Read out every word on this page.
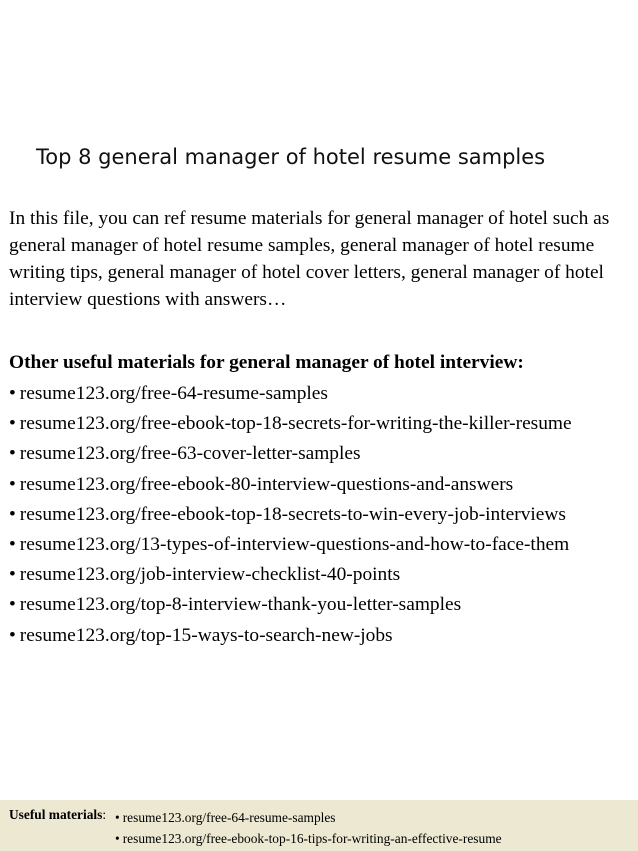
Top 8 general manager of hotel resume samples

In this file, you can ref resume materials for general manager of hotel such as general manager of hotel resume samples, general manager of hotel resume writing tips, general manager of hotel cover letters, general manager of hotel interview questions with answers…

Other useful materials for general manager of hotel interview:

• resume123.org/free-64-resume-samples
• resume123.org/free-ebook-top-18-secrets-for-writing-the-killer-resume
• resume123.org/free-63-cover-letter-samples
• resume123.org/free-ebook-80-interview-questions-and-answers
• resume123.org/free-ebook-top-18-secrets-to-win-every-job-interviews
• resume123.org/13-types-of-interview-questions-and-how-to-face-them
• resume123.org/job-interview-checklist-40-points
• resume123.org/top-8-interview-thank-you-letter-samples
• resume123.org/top-15-ways-to-search-new-jobs
Useful materials: • resume123.org/free-64-resume-samples
• resume123.org/free-ebook-top-16-tips-for-writing-an-effective-resume
